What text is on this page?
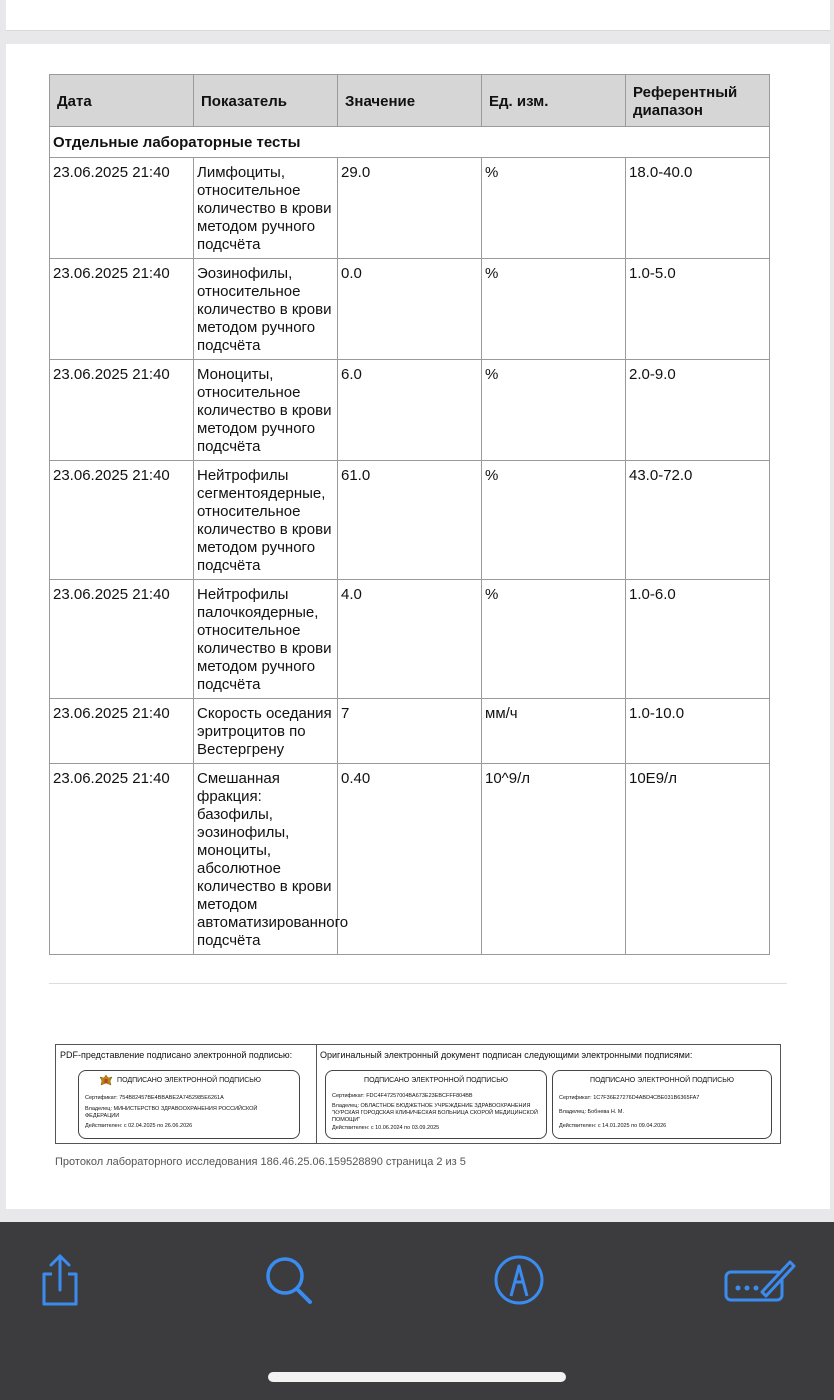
Дата	Показатель	Значение	Ед. изм.	Референтный диапазон
Отдельные лабораторные тесты				
23.06.2025 21:40	Лимфоциты, относительное количество в крови методом ручного подсчёта	29.0	%	18.0-40.0
23.06.2025 21:40	Эозинофилы, относительное количество в крови методом ручного подсчёта	0.0	%	1.0-5.0
23.06.2025 21:40	Моноциты, относительное количество в крови методом ручного подсчёта	6.0	%	2.0-9.0
23.06.2025 21:40	Нейтрофилы сегментоядерные, относительное количество в крови методом ручного подсчёта	61.0	%	43.0-72.0
23.06.2025 21:40	Нейтрофилы палочкоядерные, относительное количество в крови методом ручного подсчёта	4.0	%	1.0-6.0
23.06.2025 21:40	Скорость оседания эритроцитов по Вестергрену	7	мм/ч	1.0-10.0
23.06.2025 21:40	Смешанная фракция: базофилы, эозинофилы, моноциты, абсолютное количество в крови методом автоматизированного подсчёта	0.40	10^9/л	10E9/л
PDF-представление подписано электронной подписью:	Оригинальный электронный документ подписан следующими электронными подписями:
ПОДПИСАНО ЭЛЕКТРОННОЙ ПОДПИСЬЮ
Сертификат: 754B82457BE4BBABE2A7452985E6261A
Владелец: МИНИСТЕРСТВО ЗДРАВООХРАНЕНИЯ РОССИЙСКОЙ ФЕДЕРАЦИИ
Действителен: с 02.04.2025 по 26.06.2026
ПОДПИСАНО ЭЛЕКТРОННОЙ ПОДПИСЬЮ
Сертификат: FDC4F47257004BA673E23EBCFFF804BB
Владелец: ОБЛАСТНОЕ БЮДЖЕТНОЕ УЧРЕЖДЕНИЕ ЗДРАВООХРАНЕНИЯ "КУРСКАЯ ГОРОДСКАЯ КЛИНИЧЕСКАЯ БОЛЬНИЦА СКОРОЙ МЕДИЦИНСКОЙ ПОМОЩИ"
Действителен: с 10.06.2024 по 03.09.2025
ПОДПИСАНО ЭЛЕКТРОННОЙ ПОДПИСЬЮ
Сертификат: 1C7F36E27276D4ABD4CBE031B6365FA7
Владелец: Бобнева Н. М.
Действителен: с 14.01.2025 по 09.04.2026
Протокол лабораторного исследования 186.46.25.06.159528890 страница 2 из 5
